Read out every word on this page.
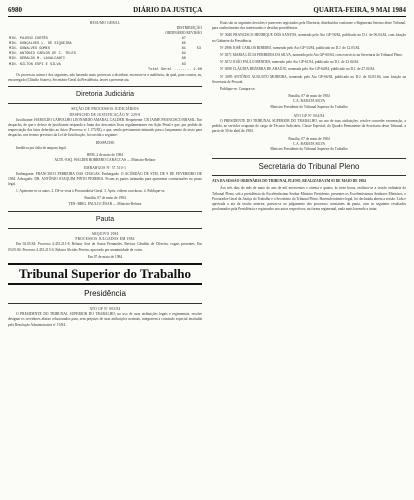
6980	DIÁRIO DA JUSTIÇA	QUARTA-FEIRA, 9 MAI 1984
RESUMO GERAL
DISTRIBUIÇÃO
ORDINÁRIO REVISÃO
MIN. PAJEHÚ CORTÊS	87	
MIN. GONÇALVES L. DE SIQUEIRA	85	
MIN. GONALVES GOMES	81	53
MIN. ANTÔNIO CARLOS DE C. TELES	82	
MIN. GERALDO M. LAVALCANTI	80	
MIN. NILTON ESPI E SILVA	83	
Total Geral ........ 1.00

Os processos acima e dos seguintes, não havendo mais processos a distribuir, encerrou-se a audiência, da qual, para constar, eu, encarregado (Cláudio Soares), Secretário-Geral da Presidência, lavrei a presente ata.

Diretoria Judiciária
SEÇÃO DE PROCESSOS JUDICIÁRIOS
DESPACHO DE JUSTIFICAÇÃO Nº 229-8

Justificante: HAROLDO CARVALHO LEONARDO AMARAL CALDER. Requerente: CB JAIME FRANCISCO BRASIL. Em despacho, de que o defeso de justificante responda a Junta dos descontos fixos regulamentares em Ação Penal e que, por pedido de reapreciação dos fatos deferidos ao Juízo (Processo nº 1.175/83), e que, sendo previamente intimado para o lançamento do texto para despacho, nos termos previstos da Lei de Justificação, foi ouvida o seguinte:

DESPACHO

Ineditiva por falta de amparo legal.

BFM, 2 de maio de 1984
ALTE.-ESQ. WALDIR BORRERO CARACCAS — Ministro-Relator
EMBARGOS Nº 57.510-1

Embargante: FRANCISCO FERREIRA DAS CHAGAS. Embargado: O ACÓRDÃO DE STM, DE 9 DE FEVEREIRO DE 1984. Advogado: DR. ANTÔNIO JOAQUIM PINTO PEREIRA. Ficam as partes intimadas para apresentar contrarrazões no prazo legal.

1. Apensem-se os autos. 2. Dê-se vista à Procuradoria-Geral. 3. Após, voltem conclusos. 4. Publique-se.

Brasília, 07 de maio de 1984
TEN.-BRIG. PAULO CÉSAR — Ministro-Relator
Pauta
ARQUIVO 1984
PROCESSOS JULGADOS EM 1984

Em 02.05.84: Processo 4.453.211-8, Relator José de Sousa Fernandes, Revisor Cândido de Oliveira, vogais presentes. Em 03.05.84: Processo 4.453.215-0, Relator Alcides Pereira, aprovado por unanimidade de votos.

Em 07 de maio de 1984
Tribunal Superior do Trabalho
Presidência
ATO GP Nº 003/84

O PRESIDENTE DO TRIBUNAL SUPERIOR DO TRABALHO, no uso de suas atribuições legais e regimentais, resolve designar os servidores abaixo relacionados para, sem prejuízo de suas atribuições normais, integrarem a comissão especial instituída pela Resolução Administrativa nº 15/84.

Estas são as seguintes decisões e pareceres registrados pela Diretoria, distribuídos conforme o Regimento Interno deste Tribunal, para conhecimento dos interessados e devidas providências.

Nº 3040 FRANCISCO HENRIQUE DOS SANTOS, nomeado pelo Ato GP-58/84, publicado no D.J. de 06.04.84, com lotação no Gabinete da Presidência.

Nº 2986 JOSÉ CARLOS RIBEIRO, nomeado pelo Ato GP-53/84, publicado no D.J. de 12.03.84.

Nº 3071 MARIA LÚCIA FERREIRA DA SILVA, nomeada pelo Ato GP-60/84, com exercício na Secretaria do Tribunal Pleno.

Nº 3072 JOÃO PAULO MENDES, nomeado pelo Ato GP-61/84, publicado no D.J. de 23.04.84.

Nº 3088 CLÁUDIA BEZERRA DE ARAÚJO, nomeada pelo Ato GP-64/84, publicado no D.J. de 27.04.84.

Nº 3095 ANTÔNIO AUGUSTO MOREIRA, nomeado pelo Ato GP-66/84, publicado no D.J. de 02.05.84, com lotação na Secretaria de Pessoal.

Publique-se. Cumpra-se.

Brasília, 07 de maio de 1984
C.A. BARATA SILVA
Ministro Presidente do Tribunal Superior do Trabalho
ATO GP Nº 004/84

O PRESIDENTE DO TRIBUNAL SUPERIOR DO TRABALHO, no uso de suas atribuições, resolve conceder exoneração, a pedido, ao servidor ocupante do cargo de Técnico Judiciário, Classe Especial, do Quadro Permanente da Secretaria deste Tribunal, a partir de 30 de abril de 1984.

Brasília, 07 de maio de 1984
C.A. BARATA SILVA
Ministro Presidente do Tribunal Superior do Trabalho
Secretaria do Tribunal Pleno

ATA DA SESSÃO ORDINÁRIA DO TRIBUNAL PLENO, REALIZADA EM 03 DE MAIO DE 1984

Aos três dias do mês de maio do ano de mil novecentos e oitenta e quatro, às treze horas, realizou-se a sessão ordinária do Tribunal Pleno, sob a presidência do Excelentíssimo Senhor Ministro Presidente, presentes os Excelentíssimos Senhores Ministros, o Procurador-Geral da Justiça do Trabalho e o Secretário do Tribunal Pleno. Havendo número legal, foi declarada aberta a sessão. Lida e aprovada a ata da sessão anterior, passou-se ao julgamento dos processos constantes da pauta, com os seguintes resultados proclamados pela Presidência e registrados nos autos respectivos, na forma regimental, nada mais havendo a tratar.
